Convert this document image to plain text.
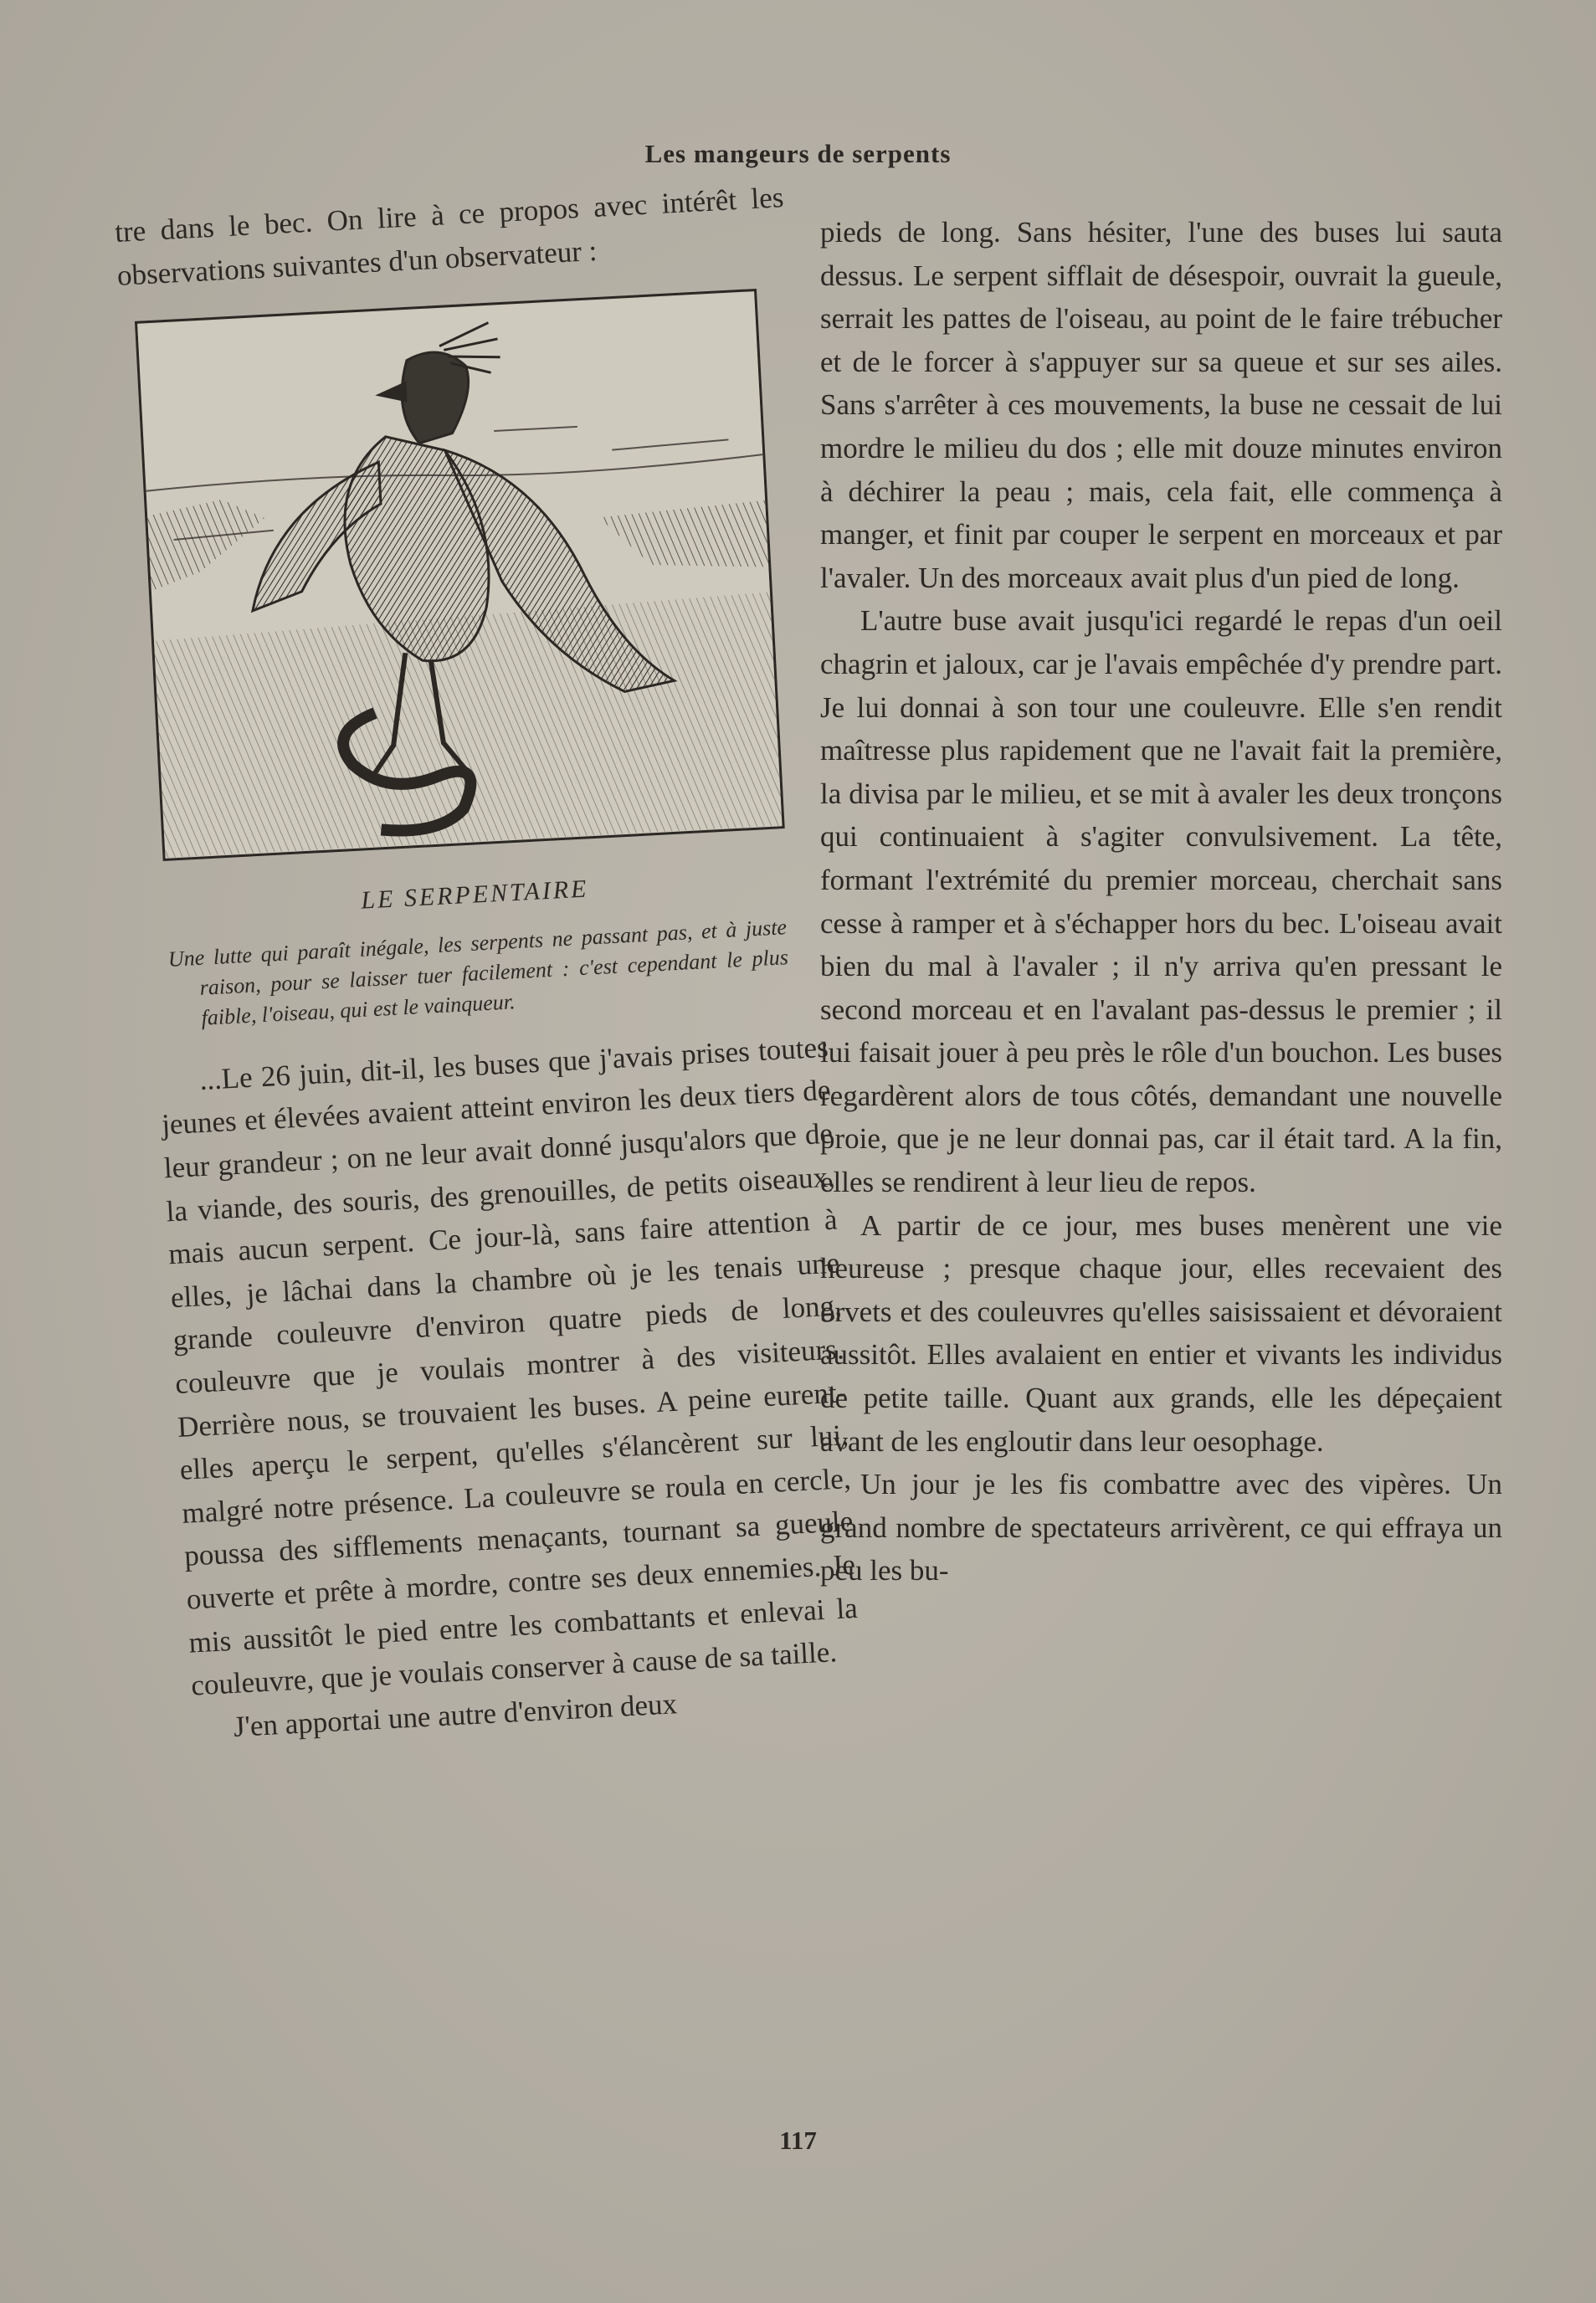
Les mangeurs de serpents

tre dans le bec. On lire à ce propos avec intérêt les observations suivantes d'un observateur :

LE SERPENTAIRE
Une lutte qui paraît inégale, les serpents ne passant pas, et à juste raison, pour se laisser tuer facilement : c'est cependant le plus faible, l'oiseau, qui est le vainqueur.

...Le 26 juin, dit-il, les buses que j'avais prises toutes jeunes et élevées avaient atteint environ les deux tiers de leur grandeur ; on ne leur avait donné jusqu'alors que de la viande, des souris, des grenouilles, de petits oiseaux, mais aucun serpent. Ce jour-là, sans faire attention à elles, je lâchai dans la chambre où je les tenais une grande couleuvre d'environ quatre pieds de long, couleuvre que je voulais montrer à des visiteurs. Derrière nous, se trouvaient les buses. A peine eurent-elles aperçu le serpent, qu'elles s'élancèrent sur lui, malgré notre présence. La couleuvre se roula en cercle, poussa des sifflements menaçants, tournant sa gueule ouverte et prête à mordre, contre ses deux ennemies. Je mis aussitôt le pied entre les combattants et enlevai la couleuvre, que je voulais conserver à cause de sa taille.

J'en apportai une autre d'environ deux

pieds de long. Sans hésiter, l'une des buses lui sauta dessus. Le serpent sifflait de désespoir, ouvrait la gueule, serrait les pattes de l'oiseau, au point de le faire trébucher et de le forcer à s'appuyer sur sa queue et sur ses ailes. Sans s'arrêter à ces mouvements, la buse ne cessait de lui mordre le milieu du dos ; elle mit douze minutes environ à déchirer la peau ; mais, cela fait, elle commença à manger, et finit par couper le serpent en morceaux et par l'avaler. Un des morceaux avait plus d'un pied de long.

L'autre buse avait jusqu'ici regardé le repas d'un oeil chagrin et jaloux, car je l'avais empêchée d'y prendre part. Je lui donnai à son tour une couleuvre. Elle s'en rendit maîtresse plus rapidement que ne l'avait fait la première, la divisa par le milieu, et se mit à avaler les deux tronçons qui continuaient à s'agiter convulsivement. La tête, formant l'extrémité du premier morceau, cherchait sans cesse à ramper et à s'échapper hors du bec. L'oiseau avait bien du mal à l'avaler ; il n'y arriva qu'en pressant le second morceau et en l'avalant pas-dessus le premier ; il lui faisait jouer à peu près le rôle d'un bouchon. Les buses regardèrent alors de tous côtés, demandant une nouvelle proie, que je ne leur donnai pas, car il était tard. A la fin, elles se rendirent à leur lieu de repos.

A partir de ce jour, mes buses menèrent une vie heureuse ; presque chaque jour, elles recevaient des orvets et des couleuvres qu'elles saisissaient et dévoraient aussitôt. Elles avalaient en entier et vivants les individus de petite taille. Quant aux grands, elle les dépeçaient avant de les engloutir dans leur oesophage.

Un jour je les fis combattre avec des vipères. Un grand nombre de spectateurs arrivèrent, ce qui effraya un peu les bu-

117
